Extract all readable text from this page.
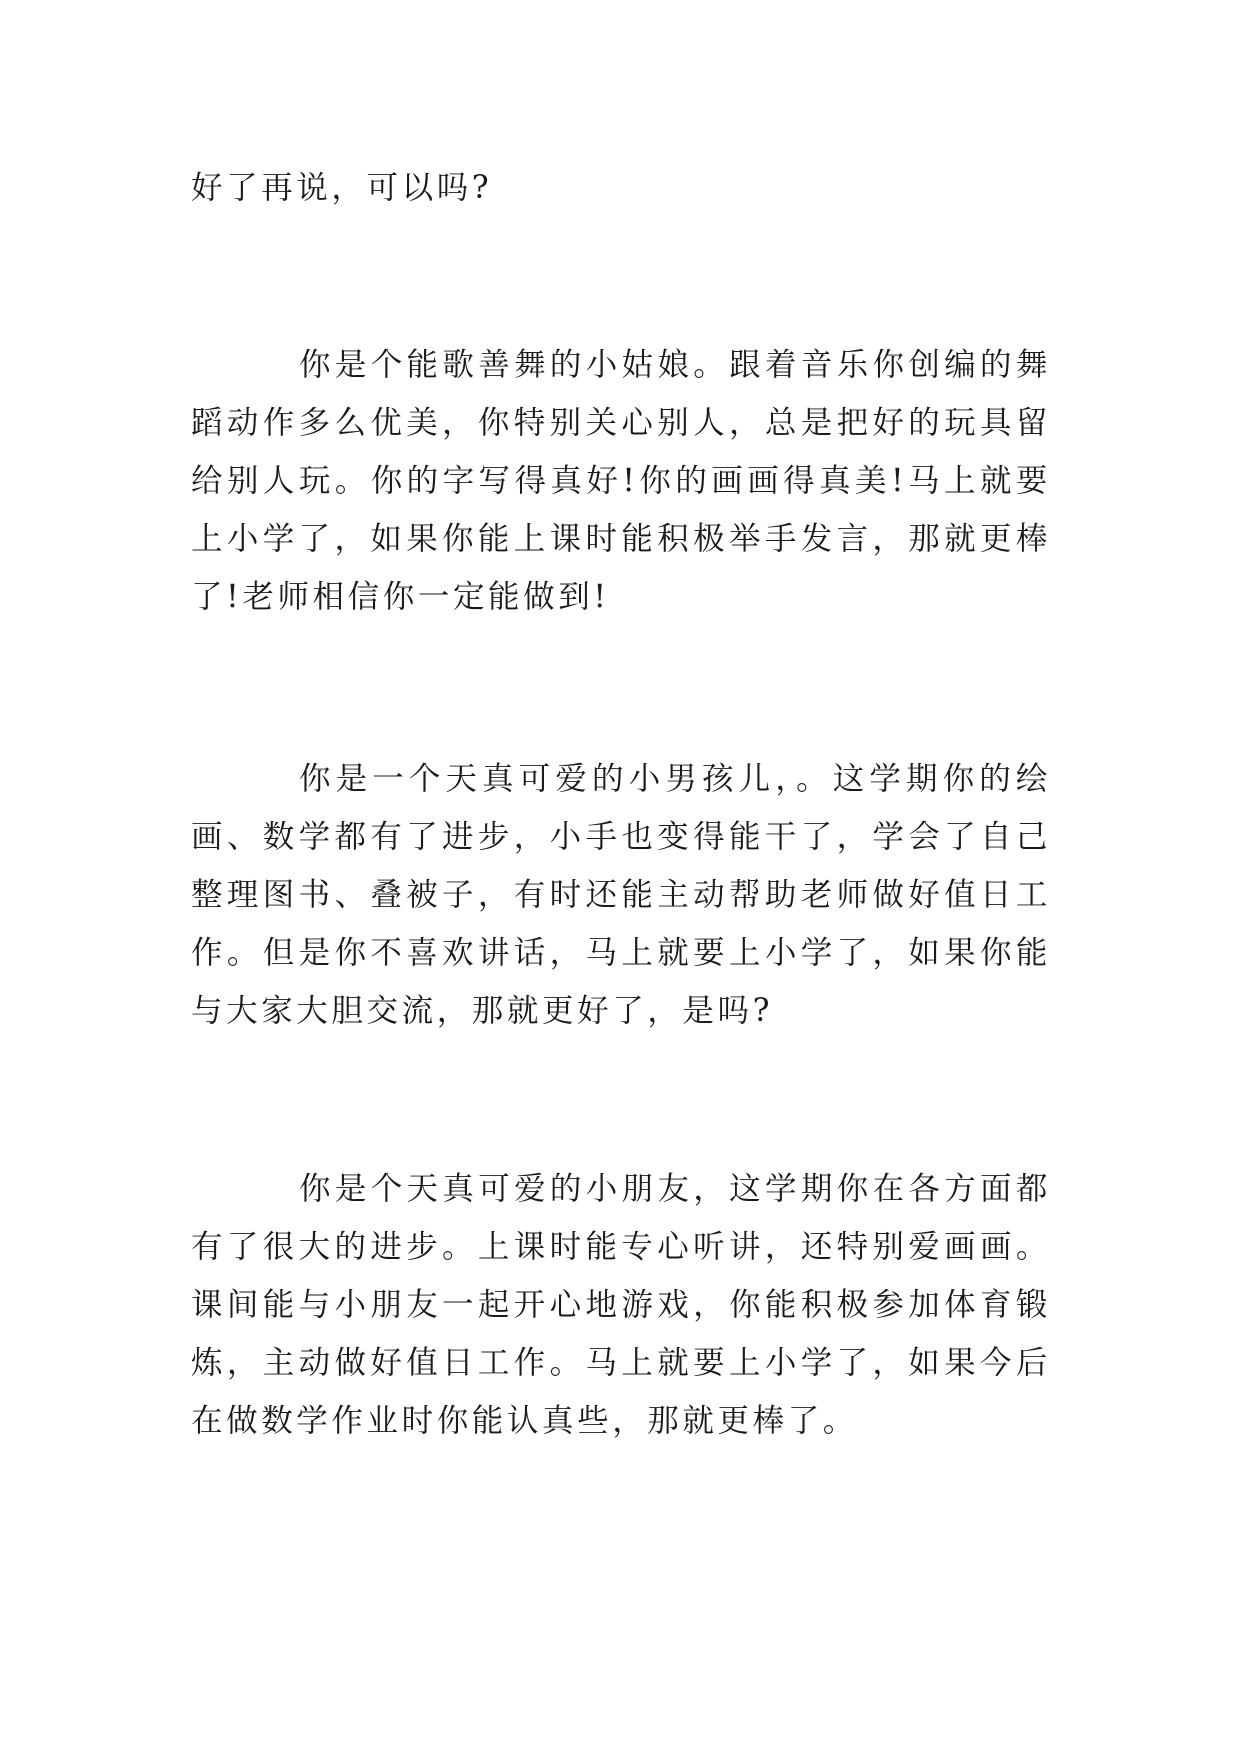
好了再说，可以吗?

你是个能歌善舞的小姑娘。跟着音乐你创编的舞蹈动作多么优美，你特别关心别人，总是把好的玩具留给别人玩。你的字写得真好!你的画画得真美!马上就要上小学了，如果你能上课时能积极举手发言，那就更棒了!老师相信你一定能做到!

你是一个天真可爱的小男孩儿，。这学期你的绘画、数学都有了进步，小手也变得能干了，学会了自己整理图书、叠被子，有时还能主动帮助老师做好值日工作。但是你不喜欢讲话，马上就要上小学了，如果你能与大家大胆交流，那就更好了，是吗?

你是个天真可爱的小朋友，这学期你在各方面都有了很大的进步。上课时能专心听讲，还特别爱画画。课间能与小朋友一起开心地游戏，你能积极参加体育锻炼，主动做好值日工作。马上就要上小学了，如果今后在做数学作业时你能认真些，那就更棒了。
